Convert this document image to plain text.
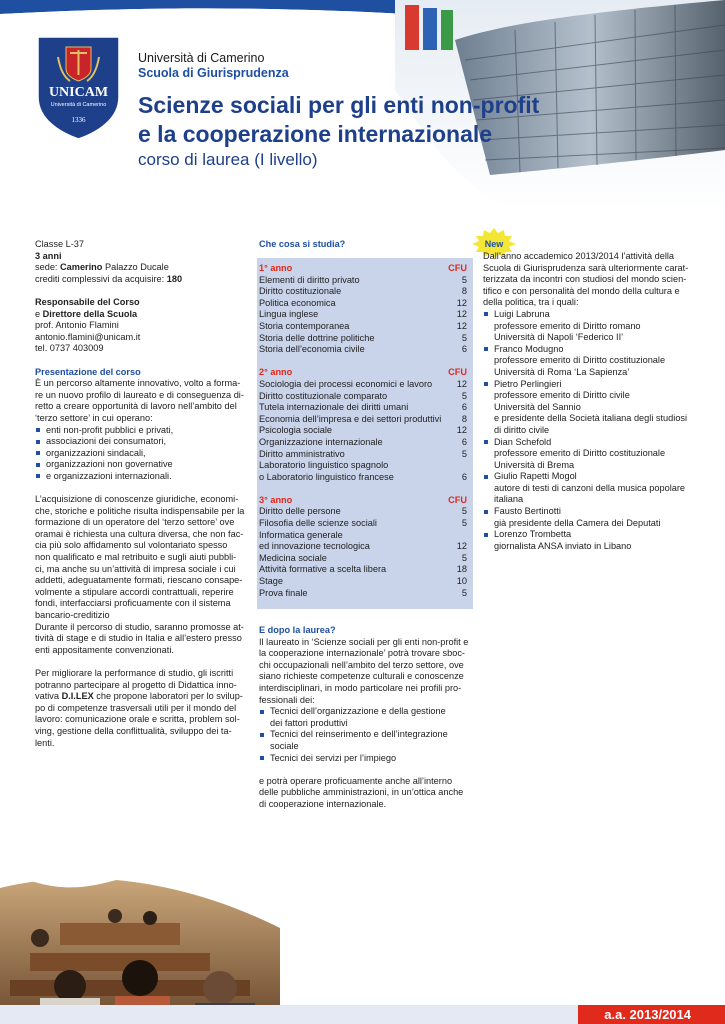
UNICAM
Università di Camerino
1336
Università di Camerino
Scuola di Giurisprudenza
Scienze sociali per gli enti non-profit
e la cooperazione internazionale
corso di laurea (I livello)

Classe L-37

3 anni

sede: Camerino Palazzo Ducale

crediti complessivi da acquisire: 180

Responsabile del Corso

e Direttore della Scuola

prof. Antonio Flamini

antonio.flamini@unicam.it

tel. 0737 403009

Presentazione del corso

È un percorso altamente innovativo, volto a forma-
re un nuovo profilo di laureato e di conseguenza di-
retto a creare opportunità di lavoro nell’ambito del
‘terzo settore’ in cui operano:
enti non-profit pubblici e privati,
associazioni dei consumatori,
organizzazioni sindacali,
organizzazioni non governative
e organizzazioni internazionali.
L’acquisizione di conoscenze giuridiche, economi-
che, storiche e politiche risulta indispensabile per la
formazione di un operatore del ‘terzo settore’ ove
oramai è richiesta una cultura diversa, che non fac-
cia più solo affidamento sul volontariato spesso
non qualificato e mal retribuito e sugli aiuti pubbli-
ci, ma anche su un’attività di impresa sociale i cui
addetti, adeguatamente formati, riescano consape-
volmente a stipulare accordi contrattuali, reperire
fondi, interfacciarsi proficuamente con il sistema
bancario-creditizio
Durante il percorso di studio, saranno promosse at-
tività di stage e di studio in Italia e all’estero presso
enti appositamente convenzionati.

Per migliorare la performance di studio, gli iscritti

potranno partecipare al progetto di Didattica inno-

vativa D.I.LEX che propone laboratori per lo svilup-

po di competenze trasversali utili per il mondo del
lavoro: comunicazione orale e scritta, problem sol-
ving, gestione della conflittualità, sviluppo dei ta-
lenti.
Che cosa si studia?
1° anno	CFU
Elementi di diritto privato	5
Diritto costituzionale	8
Politica economica	12
Lingua inglese	12
Storia contemporanea	12
Storia delle dottrine politiche	5
Storia dell’economia civile	6
2° anno	CFU
Sociologia dei processi economici e lavoro	12
Diritto costituzionale comparato	5
Tutela internazionale dei diritti umani	6
Economia dell’impresa e dei settori produttivi 8
Psicologia sociale	12
Organizzazione internazionale	6
Diritto amministrativo	5
Laboratorio linguistico spagnolo
o Laboratorio linguistico francese	6
3° anno	CFU
Diritto delle persone	5
Filosofia delle scienze sociali	5
Informatica generale
ed innovazione tecnologica	12
Medicina sociale	5
Attività formative a scelta libera	18
Stage	10
Prova finale	5

E dopo la laurea?

Il laureato in ‘Scienze sociali per gli enti non-profit e
la cooperazione internazionale’ potrà trovare sboc-
chi occupazionali nell’ambito del terzo settore, ove
siano richieste competenze culturali e conoscenze
interdisciplinari, in modo particolare nei profili pro-
fessionali dei:
Tecnici dell’organizzazione e della gestione
dei fattori produttivi
Tecnici del reinserimento e dell’integrazione
sociale
Tecnici dei servizi per l’impiego
e potrà operare proficuamente anche all’interno
delle pubbliche amministrazioni, in un’ottica anche
di cooperazione internazionale.
New
Dall’anno accademico 2013/2014 l’attività della
Scuola di Giurisprudenza sarà ulteriormente carat-
terizzata da incontri con studiosi del mondo scien-
tifico e con personalità del mondo della cultura e
della politica, tra i quali:
Luigi Labruna
professore emerito di Diritto romano
Università di Napoli ‘Federico II’
Franco Modugno
professore emerito di Diritto costituzionale
Università di Roma ‘La Sapienza’
Pietro Perlingieri
professore emerito di Diritto civile
Università del Sannio
e presidente della Società italiana degli studiosi
di diritto civile
Dian Schefold
professore emerito di Diritto costituzionale
Università di Brema
Giulio Rapetti Mogol
autore di testi di canzoni della musica popolare
italiana
Fausto Bertinotti
già presidente della Camera dei Deputati
Lorenzo Trombetta
giornalista ANSA inviato in Libano
a.a. 2013/2014
